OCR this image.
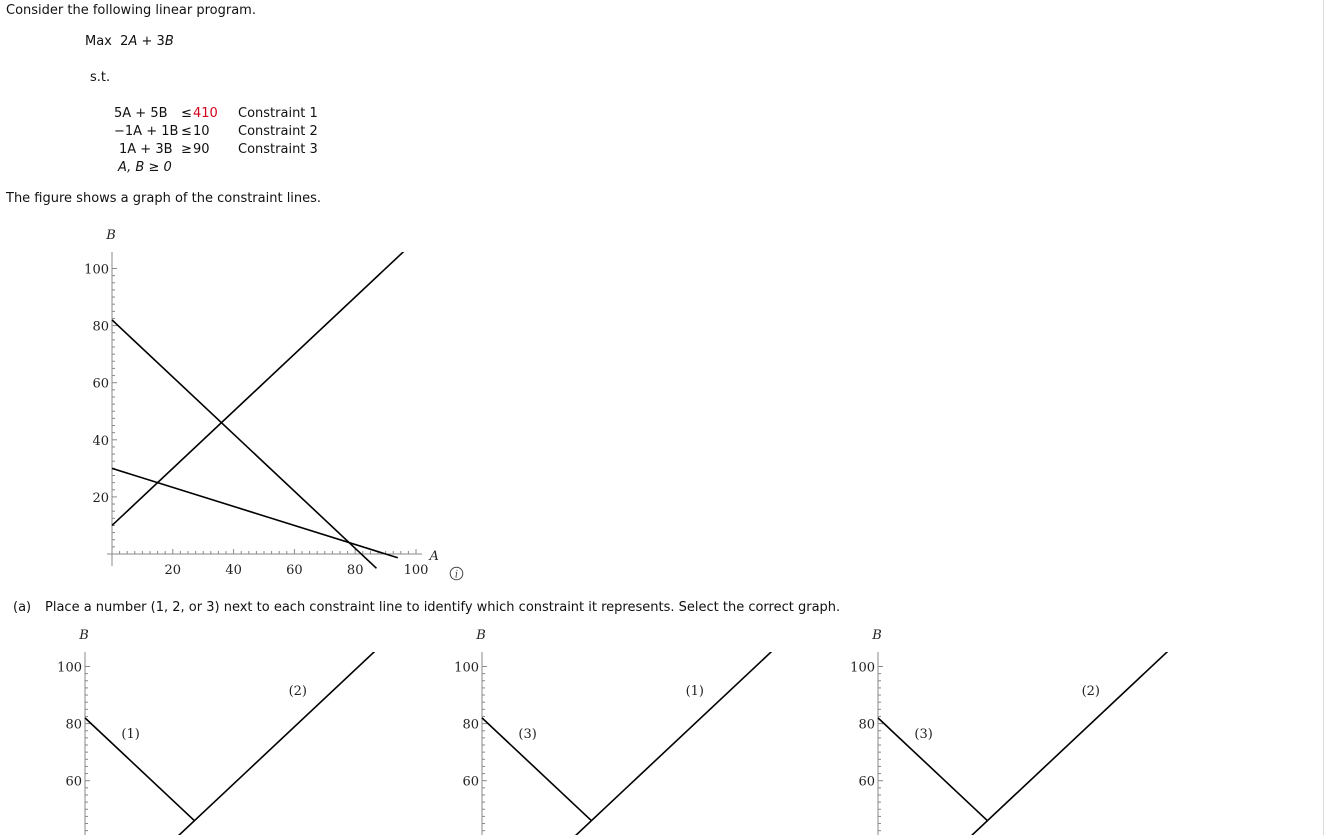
Consider the following linear program.
Max 2A + 3B
s.t.
5A + 5B ≤ 410 Constraint 1
−1A + 1B ≤ 10 Constraint 2
1A + 3B ≥ 90 Constraint 3
A, B ≥ 0
The figure shows a graph of the constraint lines.
20
40
60
80
100
B
20	40	60	80	100
A
i
(a) Place a number (1, 2, or 3) next to each constraint line to identify which constraint it represents. Select the correct graph.
60
80
100
B
(1)
(2)
60
80
100
B
(3)
(1)
60
80
100
B
(3)
(2)
